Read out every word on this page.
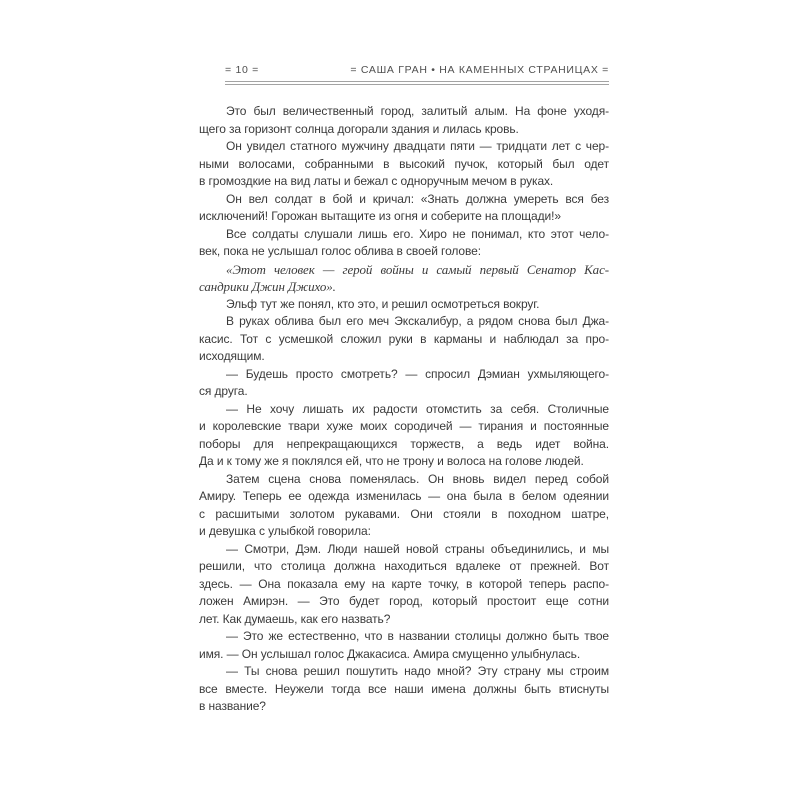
= 10 =	= САША ГРАН • НА КАМЕННЫХ СТРАНИЦАХ =
Это был величественный город, залитый алым. На фоне уходя-
щего за горизонт солнца догорали здания и лилась кровь.
Он увидел статного мужчину двадцати пяти — тридцати лет с чер-
ными волосами, собранными в высокий пучок, который был одет
в громоздкие на вид латы и бежал с одноручным мечом в руках.
Он вел солдат в бой и кричал: «Знать должна умереть вся без
исключений! Горожан вытащите из огня и соберите на площади!»
Все солдаты слушали лишь его. Хиро не понимал, кто этот чело-
век, пока не услышал голос облива в своей голове:
«Этот человек — герой войны и самый первый Сенатор Кас-
сандрики Джин Джихо».
Эльф тут же понял, кто это, и решил осмотреться вокруг.
В руках облива был его меч Экскалибур, а рядом снова был Джа-
касис. Тот с усмешкой сложил руки в карманы и наблюдал за про-
исходящим.
— Будешь просто смотреть? — спросил Дэмиан ухмыляющего-
ся друга.
— Не хочу лишать их радости отомстить за себя. Столичные
и королевские твари хуже моих сородичей — тирания и постоянные
поборы для непрекращающихся торжеств, а ведь идет война.
Да и к тому же я поклялся ей, что не трону и волоса на голове людей.
Затем сцена снова поменялась. Он вновь видел перед собой
Амиру. Теперь ее одежда изменилась — она была в белом одеянии
с расшитыми золотом рукавами. Они стояли в походном шатре,
и девушка с улыбкой говорила:
— Смотри, Дэм. Люди нашей новой страны объединились, и мы
решили, что столица должна находиться вдалеке от прежней. Вот
здесь. — Она показала ему на карте точку, в которой теперь распо-
ложен Амирэн. — Это будет город, который простоит еще сотни
лет. Как думаешь, как его назвать?
— Это же естественно, что в названии столицы должно быть твое
имя. — Он услышал голос Джакасиса. Амира смущенно улыбнулась.
— Ты снова решил пошутить надо мной? Эту страну мы строим
все вместе. Неужели тогда все наши имена должны быть втиснуты
в название?
